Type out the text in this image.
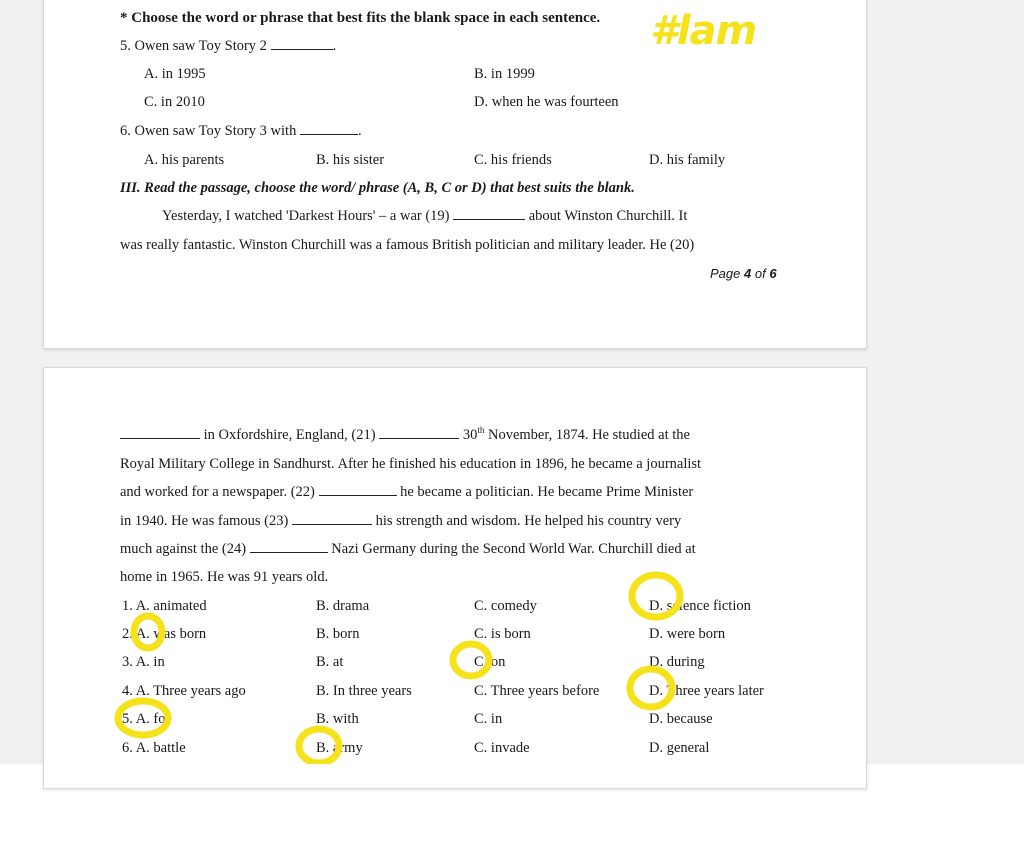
* Choose the word or phrase that best fits the blank space in each sentence.
5. Owen saw Toy Story 2	.
A. in 1995	B. in 1999
C. in 2010	D. when he was fourteen
6. Owen saw Toy Story 3 with	.
A. his parents	B. his sister	C. his friends	D. his family
III. Read the passage, choose the word/ phrase (A, B, C or D) that best suits the blank.
Yesterday, I watched 'Darkest Hours' – a war (19)	about Winston Churchill. It
was really fantastic. Winston Churchill was a famous British politician and military leader. He (20)
Page 4 of 6
in Oxfordshire, England, (21)	30th November, 1874. He studied at the
Royal Military College in Sandhurst. After he finished his education in 1896, he became a journalist
and worked for a newspaper. (22)	he became a politician. He became Prime Minister
in 1940. He was famous (23)	his strength and wisdom. He helped his country very
much against the (24)	Nazi Germany during the Second World War. Churchill died at
home in 1965. He was 91 years old.
1. A. animated	B. drama	C. comedy	D. science fiction
2. A. was born	B. born	C. is born	D. were born
3. A. in	B. at	C. on	D. during
4. A. Three years ago	B. In three years	C. Three years before	D. Three years later
5. A. for	B. with	C. in	D. because
6. A. battle	B. army	C. invade	D. general
#lam
